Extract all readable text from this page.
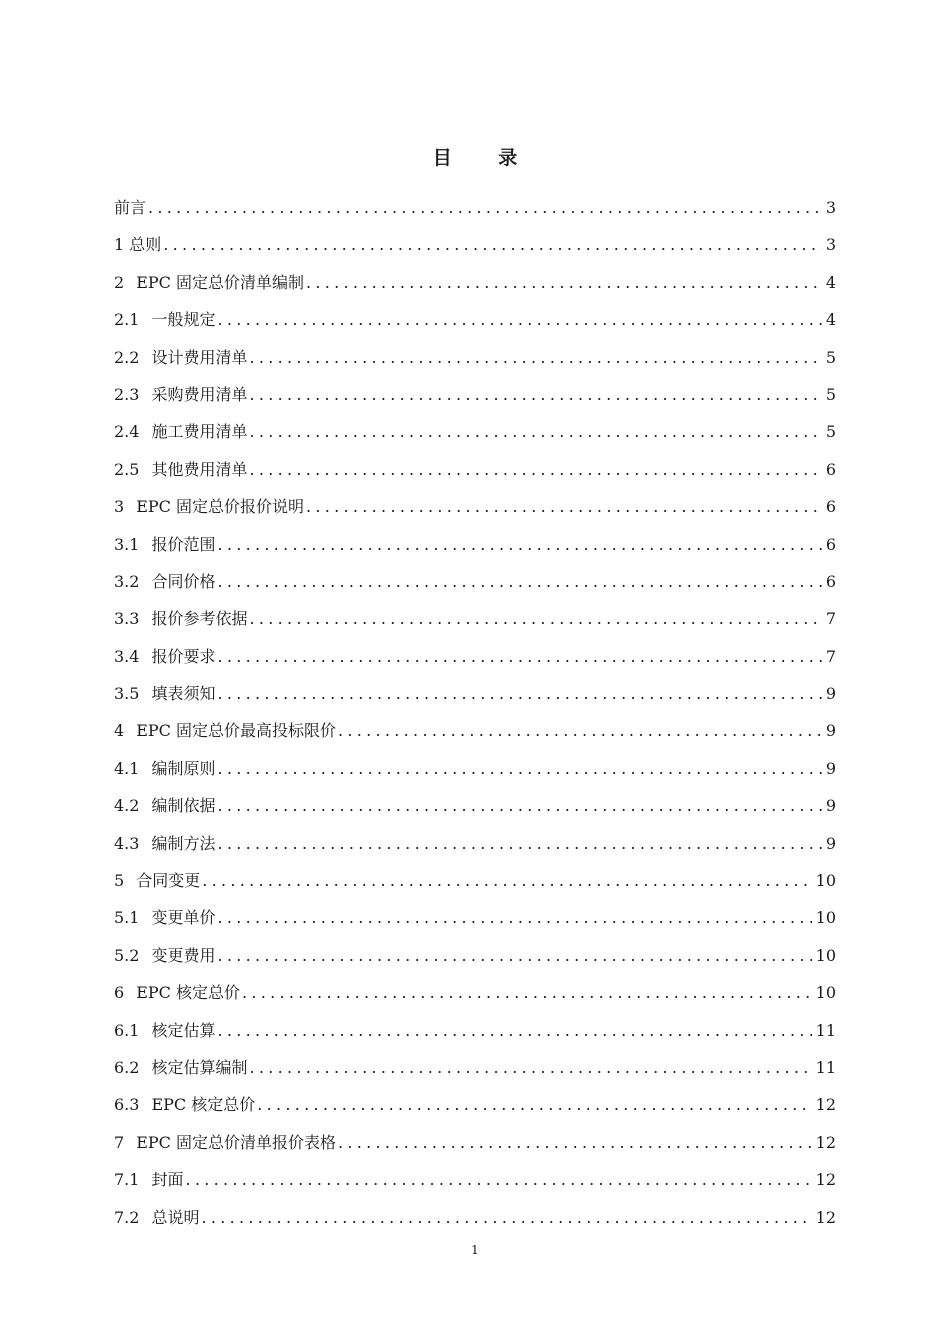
目 录
前言 .....	3
1 总则 .....	3
2 EPC 固定总价清单编制 .....	4
2.1 一般规定 .....	4
2.2 设计费用清单 .....	5
2.3 采购费用清单 .....	5
2.4 施工费用清单 .....	5
2.5 其他费用清单 .....	6
3 EPC 固定总价报价说明 .....	6
3.1 报价范围 .....	6
3.2 合同价格 .....	6
3.3 报价参考依据 .....	7
3.4 报价要求 .....	7
3.5 填表须知 .....	9
4 EPC 固定总价最高投标限价 .....	9
4.1 编制原则 .....	9
4.2 编制依据 .....	9
4.3 编制方法 .....	9
5 合同变更 .....	10
5.1 变更单价 .....	10
5.2 变更费用 .....	10
6 EPC 核定总价 .....	10
6.1 核定估算 .....	11
6.2 核定估算编制 .....	11
6.3 EPC 核定总价 .....	12
7 EPC 固定总价清单报价表格 .....	12
7.1 封面 .....	12
7.2 总说明 .....	12
1
